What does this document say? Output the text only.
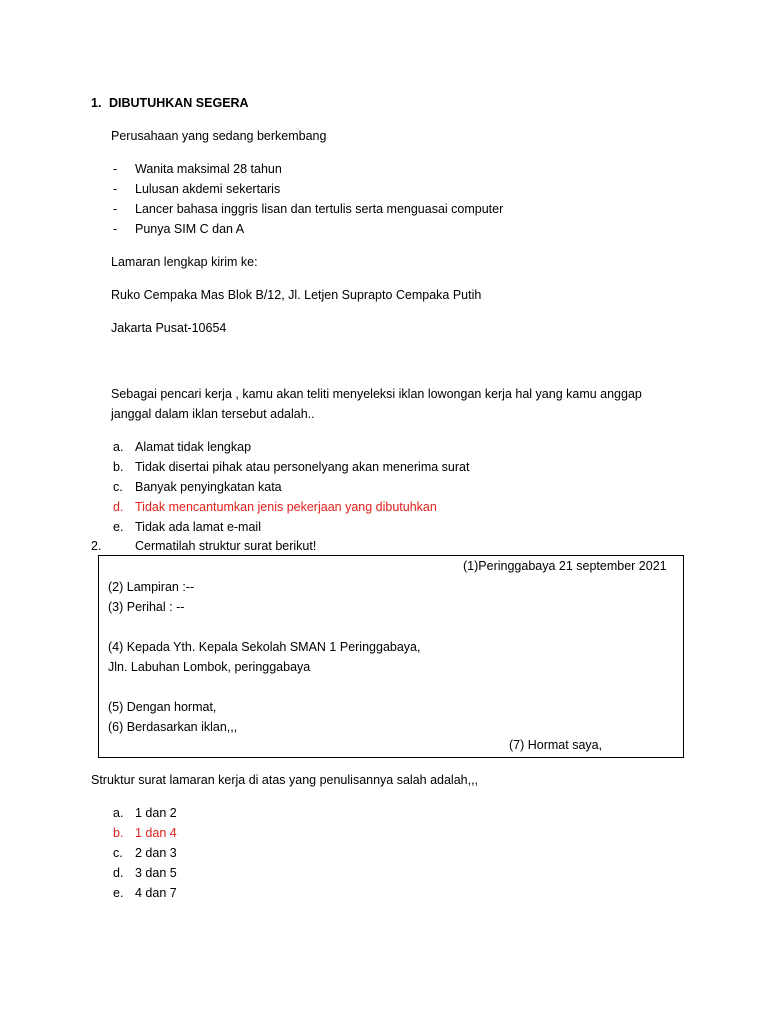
1. DIBUTUHKAN SEGERA
Perusahaan yang sedang berkembang
- Wanita maksimal 28 tahun
- Lulusan akdemi sekertaris
- Lancer bahasa inggris lisan dan tertulis serta menguasai computer
- Punya SIM C dan A
Lamaran lengkap kirim ke:
Ruko Cempaka Mas Blok B/12, Jl. Letjen Suprapto Cempaka Putih
Jakarta Pusat-10654
Sebagai pencari kerja , kamu akan teliti menyeleksi iklan lowongan kerja hal yang kamu anggap
janggal dalam iklan tersebut adalah..
a. Alamat tidak lengkap
b. Tidak disertai pihak atau personelyang akan menerima surat
c. Banyak penyingkatan kata
d. Tidak mencantumkan jenis pekerjaan yang dibutuhkan
e. Tidak ada lamat e-mail
2.	Cermatilah struktur surat berikut!
(1)Peringgabaya 21 september 2021
(2) Lampiran :--
(3) Perihal : --
(4) Kepada Yth. Kepala Sekolah SMAN 1 Peringgabaya,
Jln. Labuhan Lombok, peringgabaya
(5) Dengan hormat,
(6) Berdasarkan iklan,,,
(7) Hormat saya,
Struktur surat lamaran kerja di atas yang penulisannya salah adalah,,,
a. 1 dan 2
b. 1 dan 4
c. 2 dan 3
d. 3 dan 5
e. 4 dan 7
